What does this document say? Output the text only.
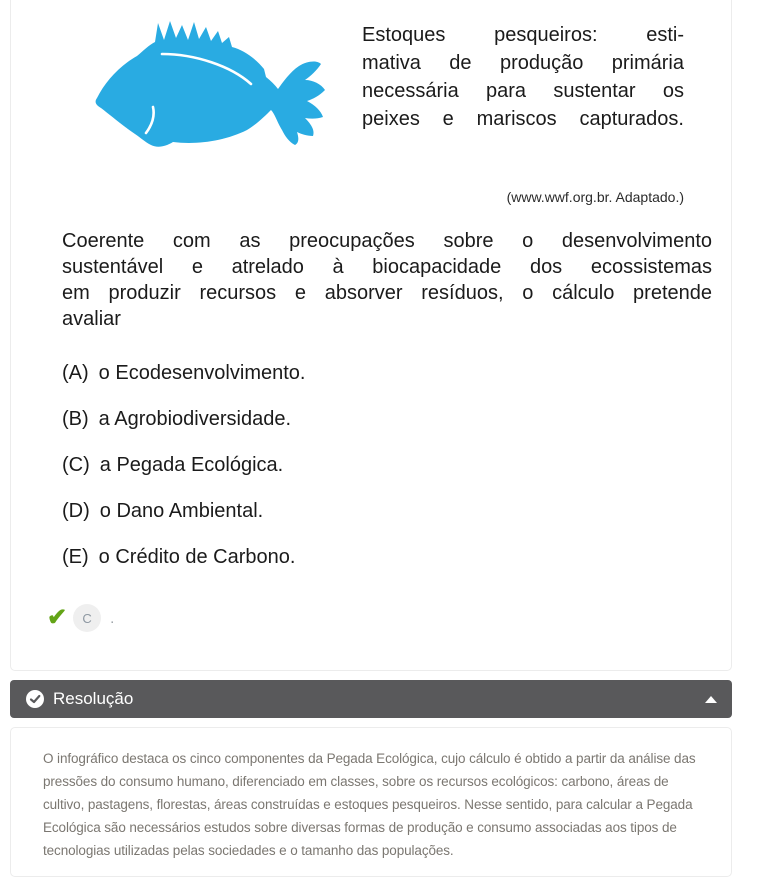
Estoques pesqueiros: esti-
mativa de produção primária
necessária para sustentar os
peixes e mariscos capturados.
(www.wwf.org.br. Adaptado.)
Coerente com as preocupações sobre o desenvolvimento
sustentável e atrelado à biocapacidade dos ecossistemas
em produzir recursos e absorver resíduos, o cálculo pretende
avaliar
(A) o Ecodesenvolvimento.
(B) a Agrobiodiversidade.
(C) a Pegada Ecológica.
(D) o Dano Ambiental.
(E) o Crédito de Carbono.
✔	C	.
Resolução
O infográfico destaca os cinco componentes da Pegada Ecológica, cujo cálculo é obtido a partir da análise das pressões do consumo humano, diferenciado em classes, sobre os recursos ecológicos: carbono, áreas de cultivo, pastagens, florestas, áreas construídas e estoques pesqueiros. Nesse sentido, para calcular a Pegada Ecológica são necessários estudos sobre diversas formas de produção e consumo associadas aos tipos de tecnologias utilizadas pelas sociedades e o tamanho das populações.
